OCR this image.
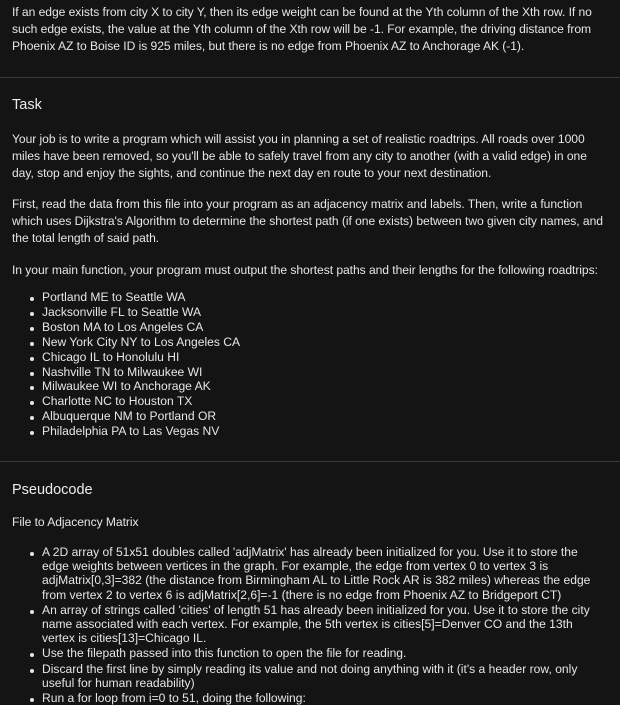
If an edge exists from city X to city Y, then its edge weight can be found at the Yth column of the Xth row. If no such edge exists, the value at the Yth column of the Xth row will be -1. For example, the driving distance from Phoenix AZ to Boise ID is 925 miles, but there is no edge from Phoenix AZ to Anchorage AK (-1).

Task

Your job is to write a program which will assist you in planning a set of realistic roadtrips. All roads over 1000 miles have been removed, so you'll be able to safely travel from any city to another (with a valid edge) in one day, stop and enjoy the sights, and continue the next day en route to your next destination.

First, read the data from this file into your program as an adjacency matrix and labels. Then, write a function which uses Dijkstra's Algorithm to determine the shortest path (if one exists) between two given city names, and the total length of said path.

In your main function, your program must output the shortest paths and their lengths for the following roadtrips:

Portland ME to Seattle WA
Jacksonville FL to Seattle WA
Boston MA to Los Angeles CA
New York City NY to Los Angeles CA
Chicago IL to Honolulu HI
Nashville TN to Milwaukee WI
Milwaukee WI to Anchorage AK
Charlotte NC to Houston TX
Albuquerque NM to Portland OR
Philadelphia PA to Las Vegas NV
Pseudocode

File to Adjacency Matrix

A 2D array of 51x51 doubles called 'adjMatrix' has already been initialized for you. Use it to store the edge weights between vertices in the graph. For example, the edge from vertex 0 to vertex 3 is adjMatrix[0,3]=382 (the distance from Birmingham AL to Little Rock AR is 382 miles) whereas the edge from vertex 2 to vertex 6 is adjMatrix[2,6]=-1 (there is no edge from Phoenix AZ to Bridgeport CT)
An array of strings called 'cities' of length 51 has already been initialized for you. Use it to store the city name associated with each vertex. For example, the 5th vertex is cities[5]=Denver CO and the 13th vertex is cities[13]=Chicago IL.
Use the filepath passed into this function to open the file for reading.
Discard the first line by simply reading its value and not doing anything with it (it's a header row, only useful for human readability)
Run a for loop from i=0 to 51, doing the following:
